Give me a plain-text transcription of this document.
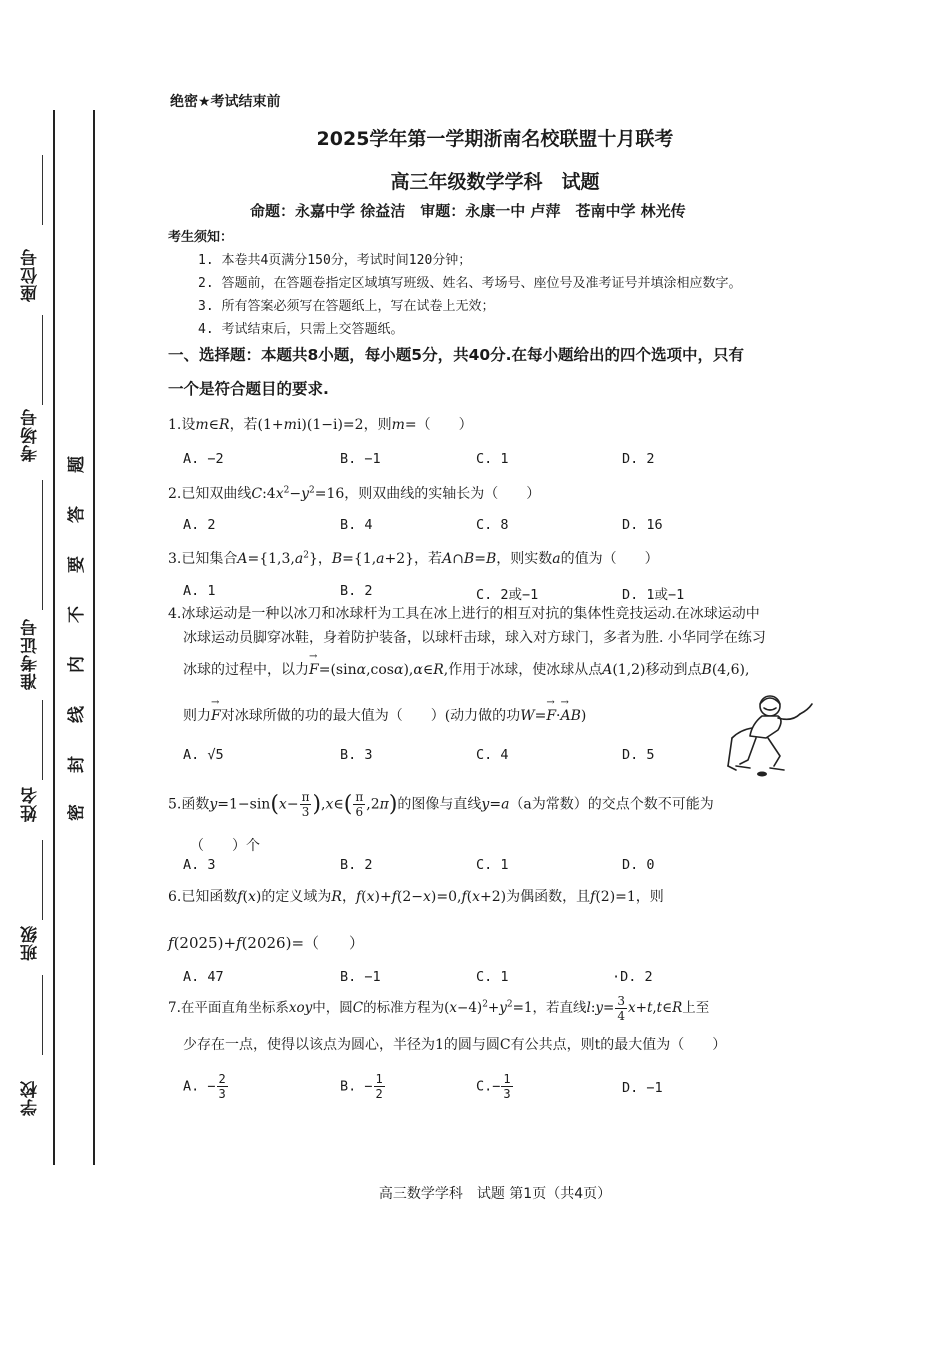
座位号
考场号
准考证号
姓名
班级
学校
题
答
要
不
内
线
封
密
绝密★考试结束前
2025学年第一学期浙南名校联盟十月联考
高三年级数学学科　试题
命题：永嘉中学 徐益洁　审题：永康一中 卢萍　苍南中学 林光传
考生须知：
1. 本卷共4页满分150分，考试时间120分钟；
2. 答题前，在答题卷指定区域填写班级、姓名、考场号、座位号及准考证号并填涂相应数字。
3. 所有答案必须写在答题纸上，写在试卷上无效；
4. 考试结束后，只需上交答题纸。
一、选择题：本题共8小题，每小题5分，共40分.在每小题给出的四个选项中，只有
一个是符合题目的要求.
1.设m∈R，若(1+mi)(1−i)=2，则m=（　　）
A. −2	B. −1	C. 1	D. 2
2.已知双曲线$C:4x^2-y^2=16$，则双曲线的实轴长为（　　）
A. 2	B. 4	C. 8	D. 16
3.已知集合$A=\{1,3,a^2\}$，B={1,a+2}，若A∩B=B，则实数a的值为（　　）
A. 1	B. 2	C. 2或−1	D. 1或−1
4.冰球运动是一种以冰刀和冰球杆为工具在冰上进行的相互对抗的集体性竞技运动.在冰球运动中
冰球运动员脚穿冰鞋，身着防护装备，以球杆击球，球入对方球门，多者为胜. 小华同学在练习
冰球的过程中，以力→ F=(sinα,cosα),α∈R,作用于冰球，使冰球从点A(1,2)移动到点B(4,6),
则力→ F对冰球所做的功的最大值为（　　）(动力做的功W=→ F·→ AB)
A. √5	B. 3	C. 4	D. 5
5.函数$y=1-\sin(x- \frac{\pi}{3}$ ),x∈( $\frac{\pi}{6} ,2\pi$)的图像与直线y=a（a为常数）的交点个数不可能为
（　　）个
A. 3	B. 2	C. 1	D. 0
6.已知函数f(x)的定义域为R，f(x)+f(2−x)=0,f(x+2)为偶函数，且f(2)=1，则
f(2025)+f(2026)=（　　）
A. 47	B. −1	C. 1	·D. 2
7.在平面直角坐标系xoy中，圆C的标准方程为$(x-4)^2+y^2=1$，若直线l:y= $\frac{3}{4}$ x+t,t∈R上至
少存在一点，使得以该点为圆心，半径为1的圆与圆C有公共点，则t的最大值为（　　）
A. − $\frac{2}{3}$	B. − $\frac{1}{2}$	$C.- \frac{1}{3}$	D. −1
高三数学学科　试题 第1页（共4页）
